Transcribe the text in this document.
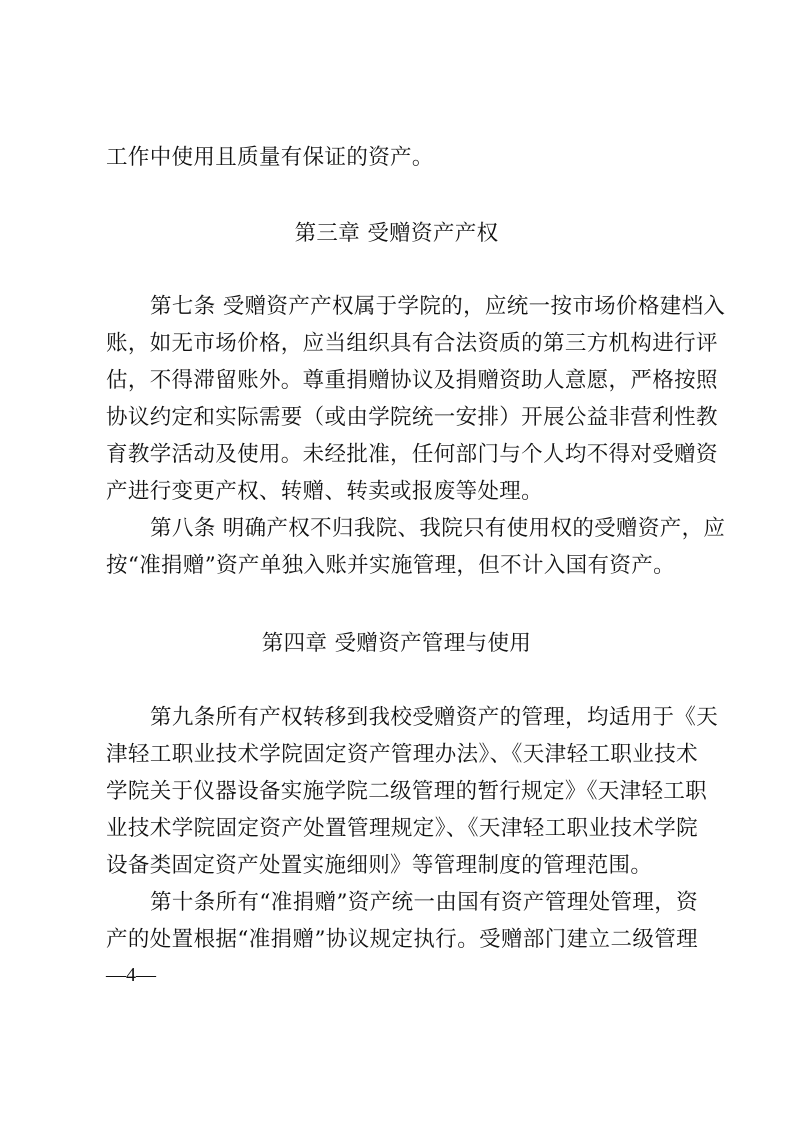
工作中使用且质量有保证的资产。
第三章 受赠资产产权
第七条 受赠资产产权属于学院的，应统一按市场价格建档入
账，如无市场价格，应当组织具有合法资质的第三方机构进行评
估，不得滞留账外。尊重捐赠协议及捐赠资助人意愿，严格按照
协议约定和实际需要（或由学院统一安排）开展公益非营利性教
育教学活动及使用。未经批准，任何部门与个人均不得对受赠资
产进行变更产权、转赠、转卖或报废等处理。
第八条 明确产权不归我院、我院只有使用权的受赠资产，应
按“准捐赠”资产单独入账并实施管理，但不计入国有资产。
第四章 受赠资产管理与使用
第九条所有产权转移到我校受赠资产的管理，均适用于《天
津轻工职业技术学院固定资产管理办法》、《天津轻工职业技术
学院关于仪器设备实施学院二级管理的暂行规定》《天津轻工职
业技术学院固定资产处置管理规定》、《天津轻工职业技术学院
设备类固定资产处置实施细则》等管理制度的管理范围。
第十条所有“准捐赠”资产统一由国有资产管理处管理，资
产的处置根据“准捐赠”协议规定执行。受赠部门建立二级管理
—4—
